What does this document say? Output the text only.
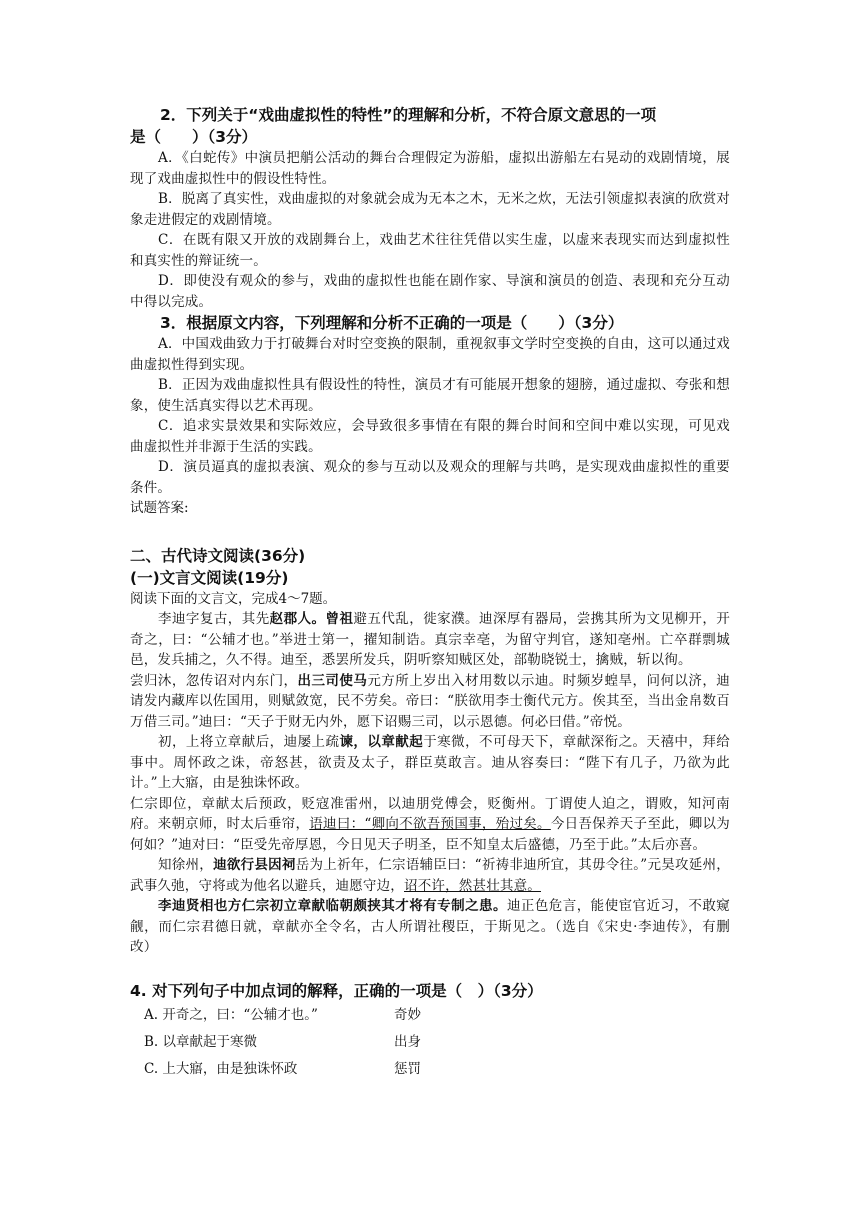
2．下列关于“戏曲虚拟性的特性”的理解和分析，不符合原文意思的一项

是（　　）（3分）

A．《白蛇传》中演员把艄公活动的舞台合理假定为游船，虚拟出游船左右晃动的戏剧情境，展现了戏曲虚拟性中的假设性特性。

B．脱离了真实性，戏曲虚拟的对象就会成为无本之木，无米之炊，无法引领虚拟表演的欣赏对象走进假定的戏剧情境。

C．在既有限又开放的戏剧舞台上，戏曲艺术往往凭借以实生虚，以虚来表现实而达到虚拟性和真实性的辩证统一。

D．即使没有观众的参与，戏曲的虚拟性也能在剧作家、导演和演员的创造、表现和充分互动中得以完成。

3．根据原文内容，下列理解和分析不正确的一项是（　　）（3分）

A．中国戏曲致力于打破舞台对时空变换的限制，重视叙事文学时空变换的自由，这可以通过戏曲虚拟性得到实现。

B．正因为戏曲虚拟性具有假设性的特性，演员才有可能展开想象的翅膀，通过虚拟、夸张和想象，使生活真实得以艺术再现。

C．追求实景效果和实际效应，会导致很多事情在有限的舞台时间和空间中难以实现，可见戏曲虚拟性并非源于生活的实践。

D．演员逼真的虚拟表演、观众的参与互动以及观众的理解与共鸣，是实现戏曲虚拟性的重要条件。

试题答案:

二、古代诗文阅读(36分)

(一)文言文阅读(19分)

阅读下面的文言文，完成4～7题。

李迪字复古，其先赵郡人。曾祖避五代乱，徙家濮。迪深厚有器局，尝携其所为文见柳开，开奇之，曰：“公辅才也。”举进士第一，擢知制诰。真宗幸亳，为留守判官，遂知亳州。亡卒群剽城邑，发兵捕之，久不得。迪至，悉罢所发兵，阴听察知贼区处，部勒晓锐士，擒贼，斩以徇。

尝归沐，忽传诏对内东门，出三司使马元方所上岁出入材用数以示迪。时频岁蝗旱，问何以济，迪请发内藏库以佐国用，则赋敛宽，民不劳矣。帝曰：“朕欲用李士衡代元方。俟其至，当出金帛数百万借三司。”迪曰：“天子于财无内外，愿下诏赐三司，以示恩德。何必曰借。”帝悦。

初，上将立章献后，迪屡上疏谏，以章献起于寒微，不可母天下，章献深衔之。天禧中，拜给事中。周怀政之诛，帝怒甚，欲责及太子，群臣莫敢言。迪从容奏曰：“陛下有几子，乃欲为此计。”上大寤，由是独诛怀政。

仁宗即位，章献太后预政，贬寇准雷州，以迪朋党傅会，贬衡州。丁谓使人迫之，谓败，知河南府。来朝京师，时太后垂帘，语迪曰：“卿向不欲吾预国事，殆过矣。今日吾保养天子至此，卿以为何如？”迪对曰：“臣受先帝厚恩，今日见天子明圣，臣不知皇太后盛德，乃至于此。”太后亦喜。

知徐州，迪欲行县因祠岳为上祈年，仁宗语辅臣曰：“祈祷非迪所宜，其毋令往。”元昊攻延州，武事久弛，守将或为他名以避兵，迪愿守边，诏不许，然甚壮其意。

李迪贤相也方仁宗初立章献临朝颇挟其才将有专制之患。迪正色危言，能使宦官近习，不敢窥觎，而仁宗君德日就，章献亦全令名，古人所谓社稷臣，于斯见之。（选自《宋史·李迪传》，有删改）

4. 对下列句子中加点词的解释，正确的一项是（　）（3分）

A. 开奇之，曰：“公辅才也。”	奇妙
B. 以章献起于寒微	出身
C. 上大寤，由是独诛怀政	惩罚
